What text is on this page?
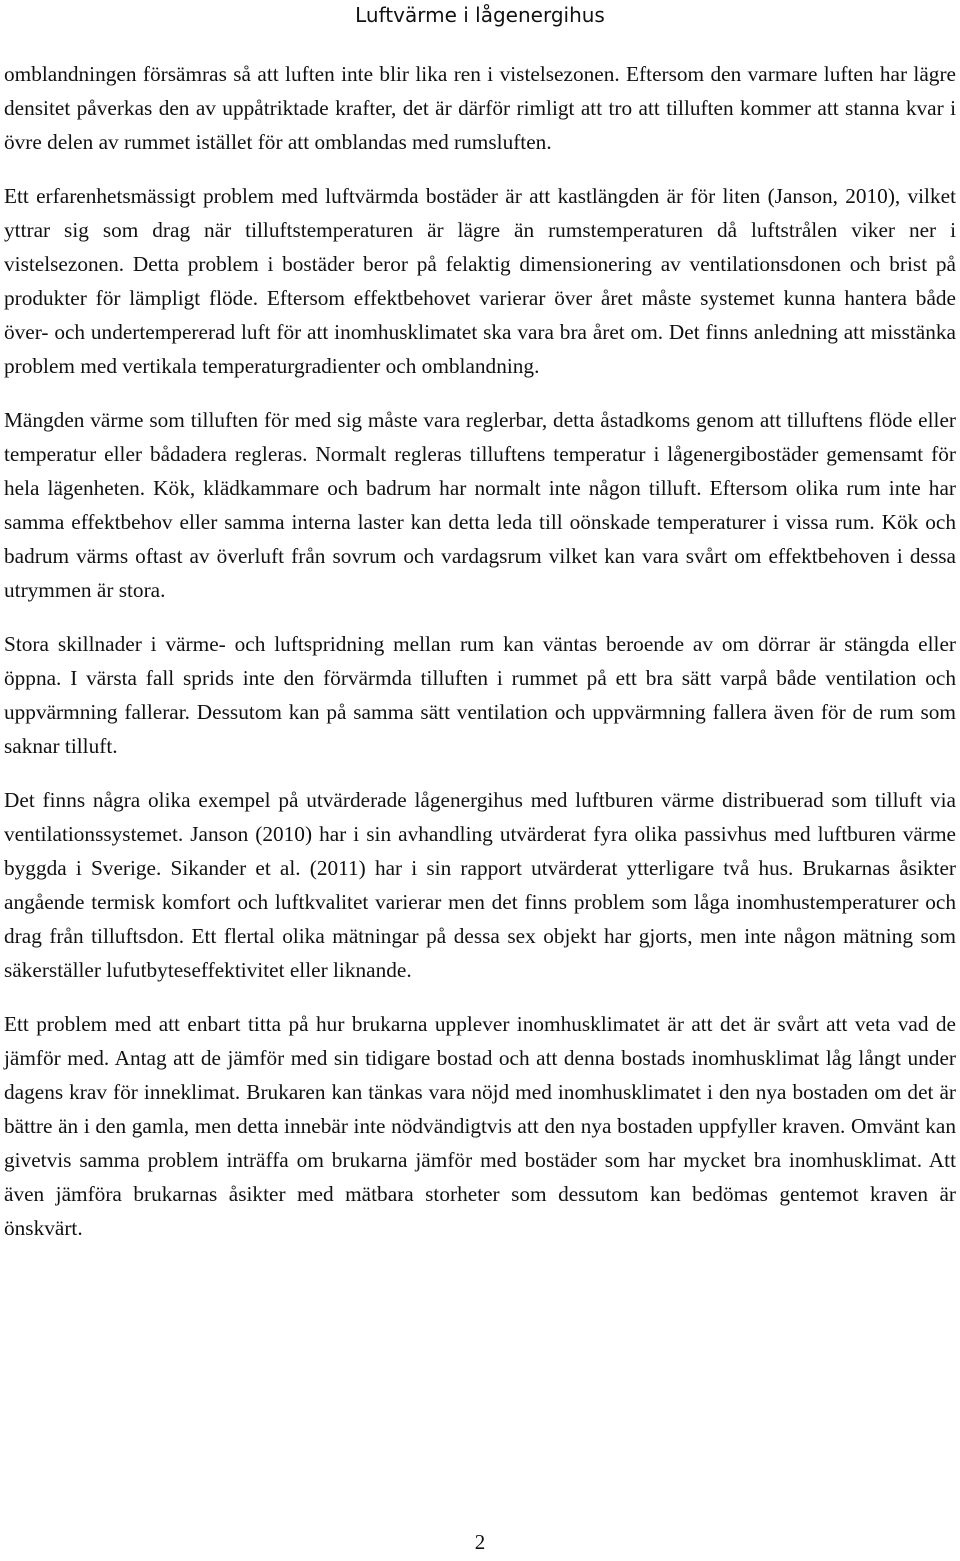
Luftvärme i lågenergihus

omblandningen försämras så att luften inte blir lika ren i vistelsezonen. Eftersom den varmare luften har lägre densitet påverkas den av uppåtriktade krafter, det är därför rimligt att tro att tilluften kommer att stanna kvar i övre delen av rummet istället för att omblandas med rumsluften.

Ett erfarenhetsmässigt problem med luftvärmda bostäder är att kastlängden är för liten (Janson, 2010), vilket yttrar sig som drag när tilluftstemperaturen är lägre än rumstemperaturen då luftstrålen viker ner i vistelsezonen. Detta problem i bostäder beror på felaktig dimensionering av ventilationsdonen och brist på produkter för lämpligt flöde. Eftersom effektbehovet varierar över året måste systemet kunna hantera både över- och undertempererad luft för att inomhusklimatet ska vara bra året om. Det finns anledning att misstänka problem med vertikala temperaturgradienter och omblandning.

Mängden värme som tilluften för med sig måste vara reglerbar, detta åstadkoms genom att tilluftens flöde eller temperatur eller bådadera regleras. Normalt regleras tilluftens temperatur i lågenergibostäder gemensamt för hela lägenheten. Kök, klädkammare och badrum har normalt inte någon tilluft. Eftersom olika rum inte har samma effektbehov eller samma interna laster kan detta leda till oönskade temperaturer i vissa rum. Kök och badrum värms oftast av överluft från sovrum och vardagsrum vilket kan vara svårt om effektbehoven i dessa utrymmen är stora.

Stora skillnader i värme- och luftspridning mellan rum kan väntas beroende av om dörrar är stängda eller öppna. I värsta fall sprids inte den förvärmda tilluften i rummet på ett bra sätt varpå både ventilation och uppvärmning fallerar. Dessutom kan på samma sätt ventilation och uppvärmning fallera även för de rum som saknar tilluft.

Det finns några olika exempel på utvärderade lågenergihus med luftburen värme distribuerad som tilluft via ventilationssystemet. Janson (2010) har i sin avhandling utvärderat fyra olika passivhus med luftburen värme byggda i Sverige. Sikander et al. (2011) har i sin rapport utvärderat ytterligare två hus. Brukarnas åsikter angående termisk komfort och luftkvalitet varierar men det finns problem som låga inomhustemperaturer och drag från tilluftsdon. Ett flertal olika mätningar på dessa sex objekt har gjorts, men inte någon mätning som säkerställer lufutbyteseffektivitet eller liknande.

Ett problem med att enbart titta på hur brukarna upplever inomhusklimatet är att det är svårt att veta vad de jämför med. Antag att de jämför med sin tidigare bostad och att denna bostads inomhusklimat låg långt under dagens krav för inneklimat. Brukaren kan tänkas vara nöjd med inomhusklimatet i den nya bostaden om det är bättre än i den gamla, men detta innebär inte nödvändigtvis att den nya bostaden uppfyller kraven. Omvänt kan givetvis samma problem inträffa om brukarna jämför med bostäder som har mycket bra inomhusklimat. Att även jämföra brukarnas åsikter med mätbara storheter som dessutom kan bedömas gentemot kraven är önskvärt.

2
